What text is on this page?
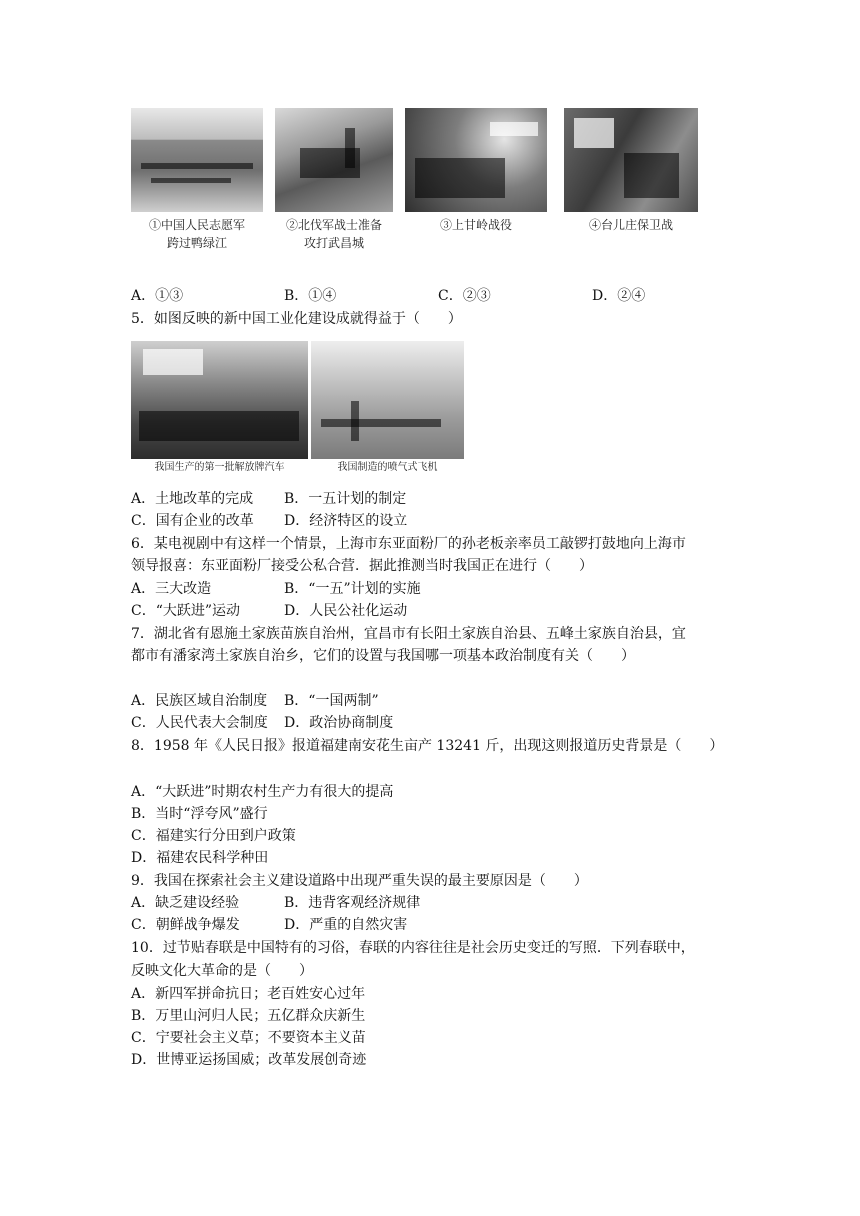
①中国人民志愿军
跨过鸭绿江
②北伐军战士准备
攻打武昌城
③上甘岭战役	④台儿庄保卫战
A．①③	B．①④	C．②③	D．②④
5．如图反映的新中国工业化建设成就得益于（　　）
我国生产的第一批解放牌汽车	我国制造的喷气式飞机
A．土地改革的完成 B．一五计划的制定
C．国有企业的改革 D．经济特区的设立
6．某电视剧中有这样一个情景，上海市东亚面粉厂的孙老板亲率员工敲锣打鼓地向上海市
领导报喜：东亚面粉厂接受公私合营．据此推测当时我国正在进行（　　）
A．三大改造	B．“一五”计划的实施
C．“大跃进”运动	D．人民公社化运动
7．湖北省有恩施土家族苗族自治州，宜昌市有长阳土家族自治县、五峰土家族自治县，宜
都市有潘家湾土家族自治乡，它们的设置与我国哪一项基本政治制度有关（　　）
A．民族区域自治制度 B．“一国两制”
C．人民代表大会制度 D．政治协商制度
8．1958 年《人民日报》报道福建南安花生亩产 13241 斤，出现这则报道历史背景是（　　）
A．“大跃进”时期农村生产力有很大的提高
B．当时“浮夸风”盛行
C．福建实行分田到户政策
D．福建农民科学种田
9．我国在探索社会主义建设道路中出现严重失误的最主要原因是（　　）
A．缺乏建设经验	B．违背客观经济规律
C．朝鲜战争爆发	D．严重的自然灾害
10．过节贴春联是中国特有的习俗，春联的内容往往是社会历史变迁的写照．下列春联中，
反映文化大革命的是（　　）
A．新四军拼命抗日；老百姓安心过年
B．万里山河归人民；五亿群众庆新生
C．宁要社会主义草；不要资本主义苗
D．世博亚运扬国威；改革发展创奇迹
